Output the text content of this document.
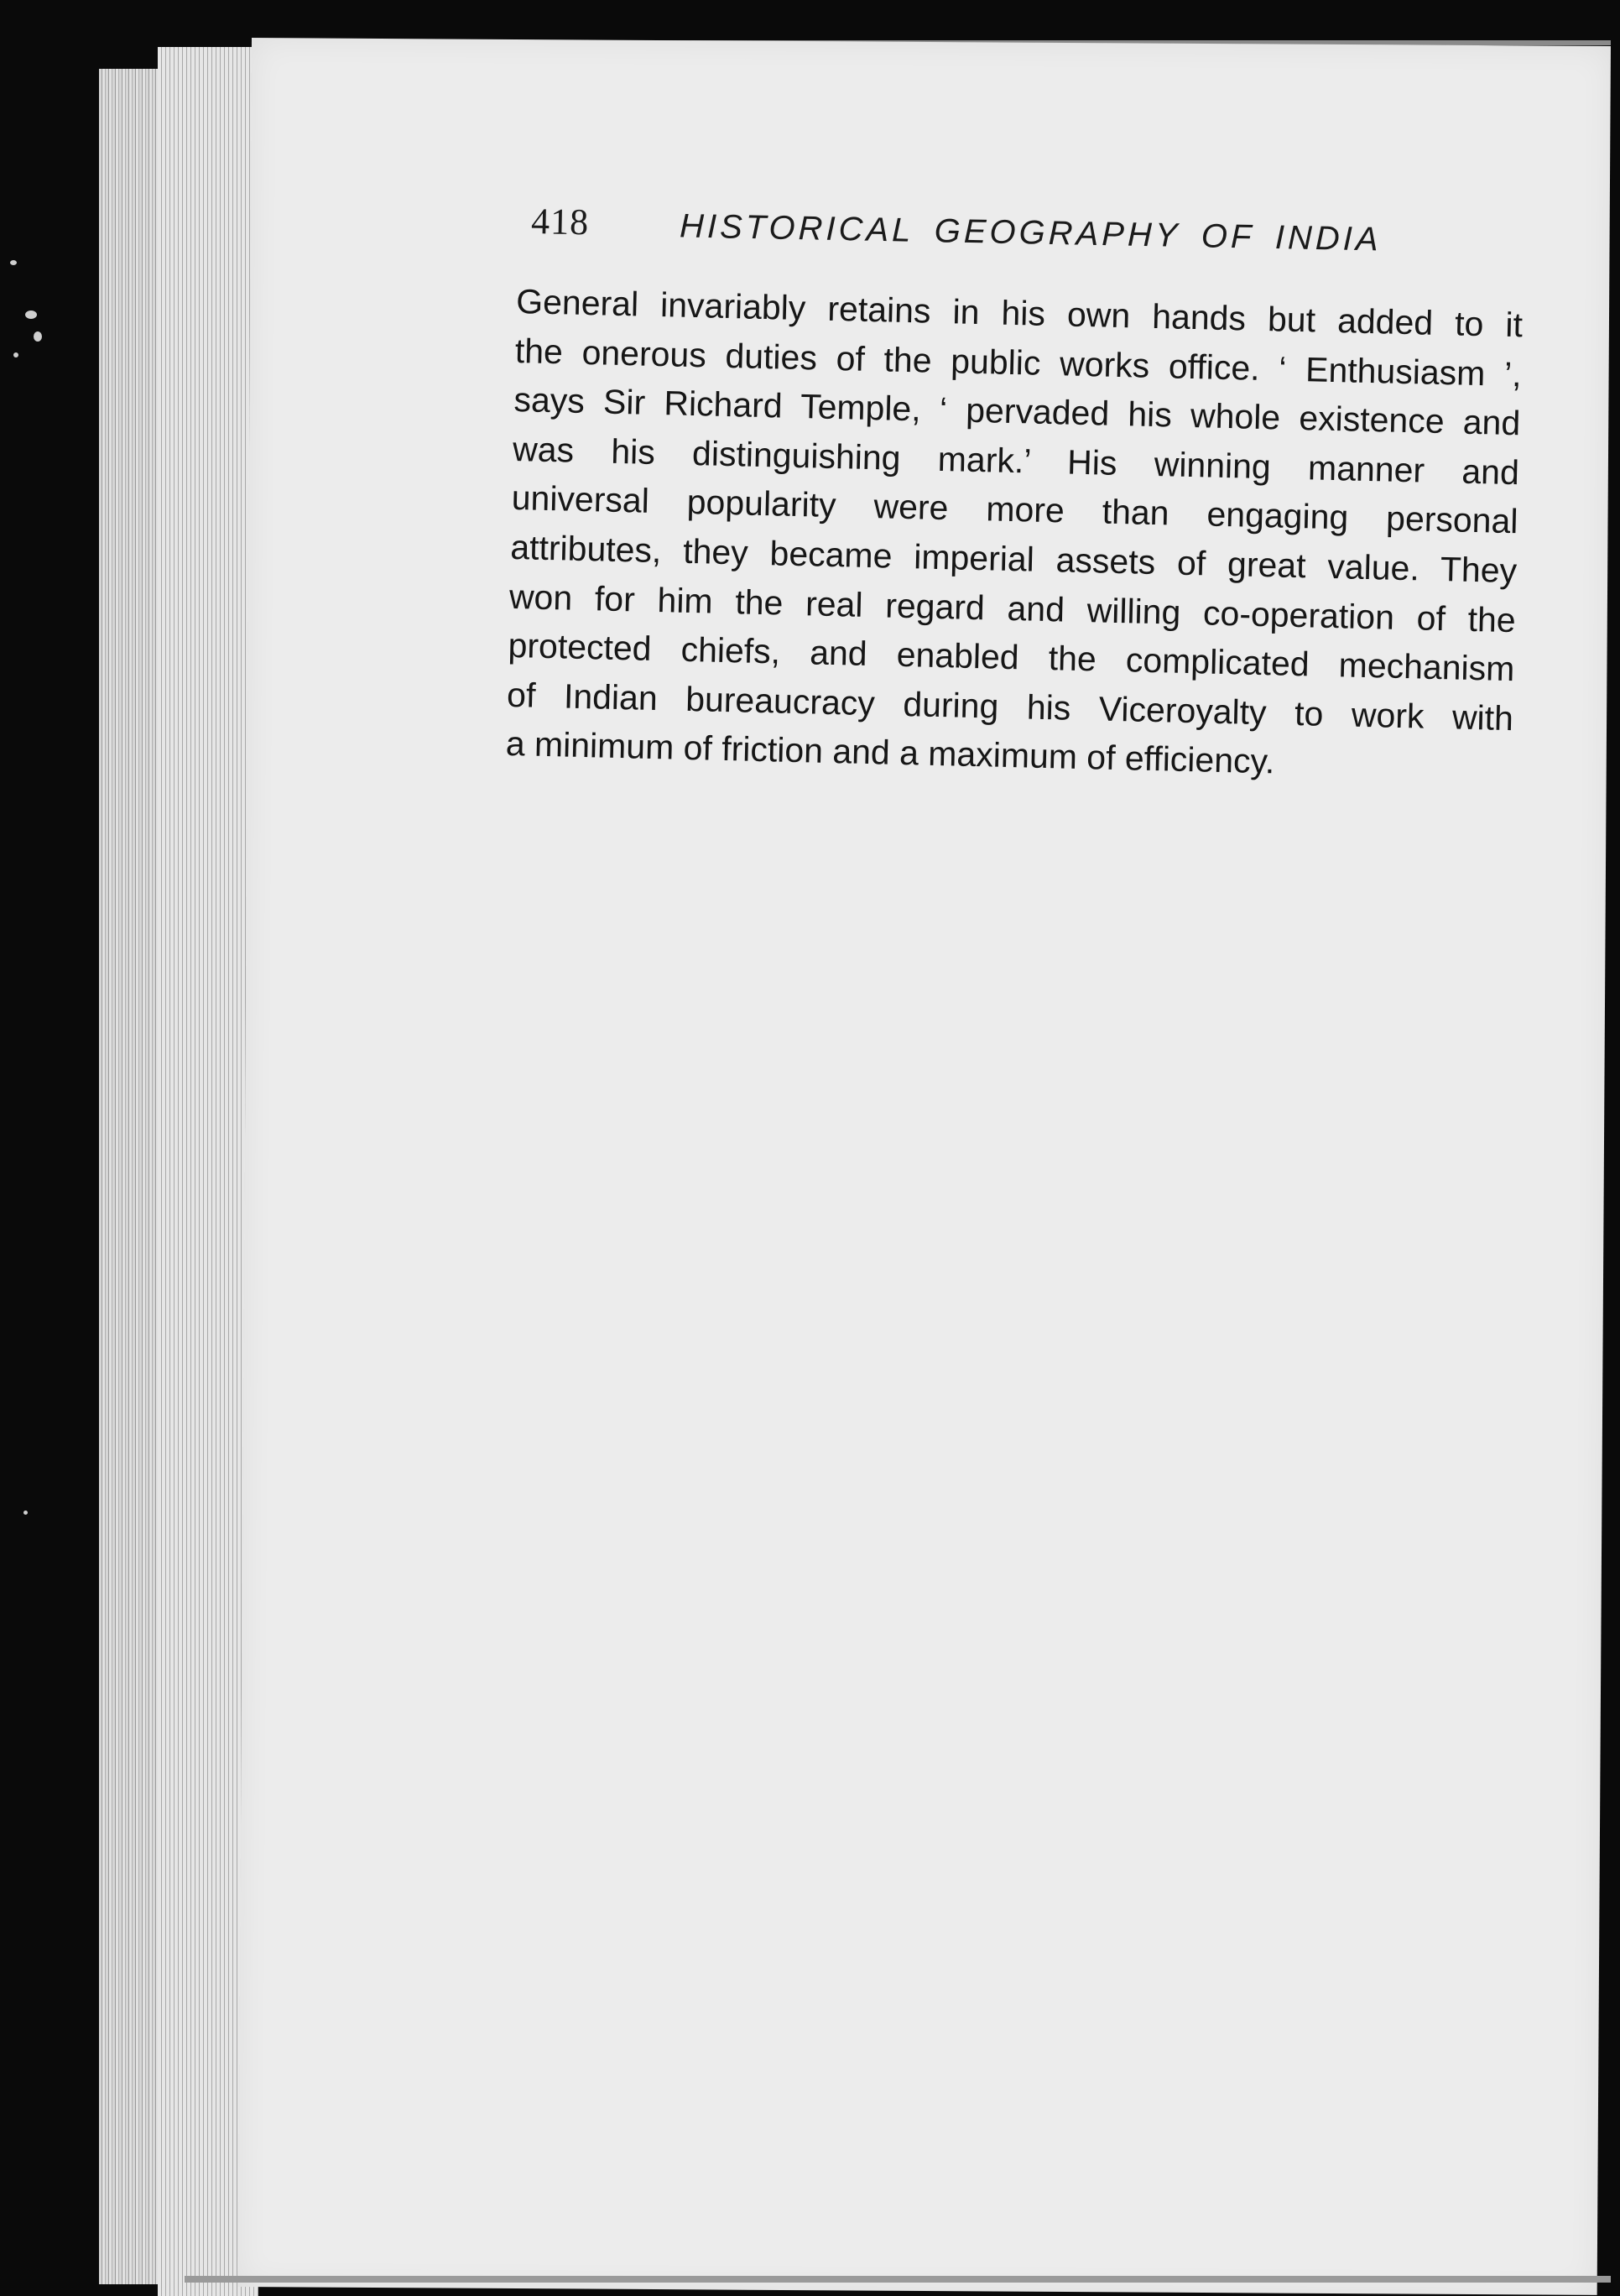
418	HISTORICAL GEOGRAPHY OF INDIA
General invariably retains in his own hands but added to it
the onerous duties of the public works office. ‘ Enthusiasm ’,
says Sir Richard Temple, ‘ pervaded his whole existence and
was his distinguishing mark.’ His winning manner and
universal popularity were more than engaging personal
attributes, they became imperial assets of great value. They
won for him the real regard and willing co-operation of the
protected chiefs, and enabled the complicated mechanism
of Indian bureaucracy during his Viceroyalty to work with
a minimum of friction and a maximum of efficiency.
